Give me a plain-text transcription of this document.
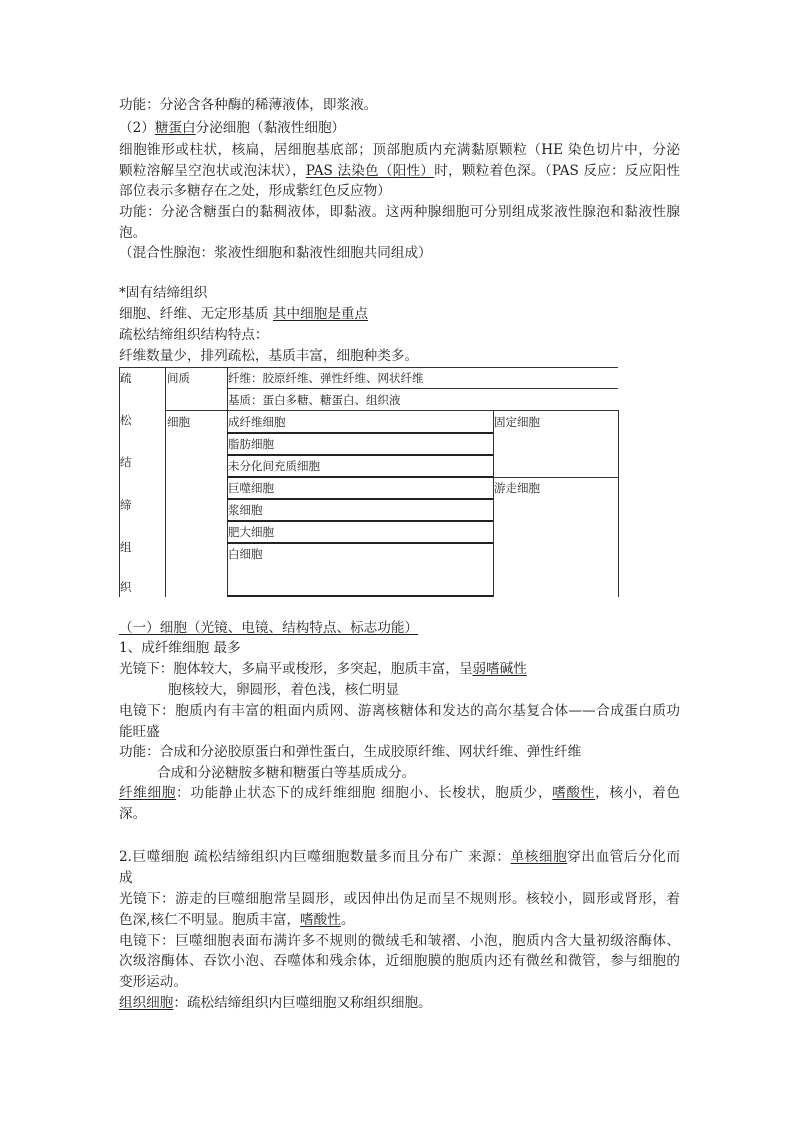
功能：分泌含各种酶的稀薄液体，即浆液。
（2）糖蛋白分泌细胞（黏液性细胞）
细胞锥形或柱状，核扁，居细胞基底部；顶部胞质内充满黏原颗粒（HE 染色切片中，分泌
颗粒溶解呈空泡状或泡沫状），PAS 法染色（阳性）时，颗粒着色深。（PAS 反应：反应阳性
部位表示多糖存在之处，形成紫红色反应物）
功能：分泌含糖蛋白的黏稠液体，即黏液。这两种腺细胞可分别组成浆液性腺泡和黏液性腺
泡。
（混合性腺泡：浆液性细胞和黏液性细胞共同组成）
*固有结缔组织
细胞、纤维、无定形基质 其中细胞是重点
疏松结缔组织结构特点：
纤维数量少，排列疏松，基质丰富，细胞种类多。
疏
松
结
缔
组
织
间质	纤维：胶原纤维、弹性纤维、网状纤维
基质：蛋白多糖、糖蛋白、组织液
细胞	成纤维细胞
脂肪细胞
未分化间充质细胞
巨噬细胞
浆细胞
肥大细胞
白细胞
固定细胞
游走细胞
（一）细胞（光镜、电镜、结构特点、标志功能）
1、成纤维细胞 最多
光镜下：胞体较大，多扁平或梭形，多突起，胞质丰富，呈弱嗜碱性
胞核较大，卵圆形，着色浅，核仁明显
电镜下：胞质内有丰富的粗面内质网、游离核糖体和发达的高尔基复合体——合成蛋白质功
能旺盛
功能：合成和分泌胶原蛋白和弹性蛋白，生成胶原纤维、网状纤维、弹性纤维
合成和分泌糖胺多糖和糖蛋白等基质成分。
纤维细胞：功能静止状态下的成纤维细胞 细胞小、长梭状，胞质少，嗜酸性，核小，着色
深。
2.巨噬细胞 疏松结缔组织内巨噬细胞数量多而且分布广 来源：单核细胞穿出血管后分化而
成
光镜下：游走的巨噬细胞常呈圆形，或因伸出伪足而呈不规则形。核较小，圆形或肾形，着
色深,核仁不明显。胞质丰富，嗜酸性。
电镜下：巨噬细胞表面布满许多不规则的微绒毛和皱褶、小泡，胞质内含大量初级溶酶体、
次级溶酶体、吞饮小泡、吞噬体和残余体，近细胞膜的胞质内还有微丝和微管，参与细胞的
变形运动。
组织细胞：疏松结缔组织内巨噬细胞又称组织细胞。
